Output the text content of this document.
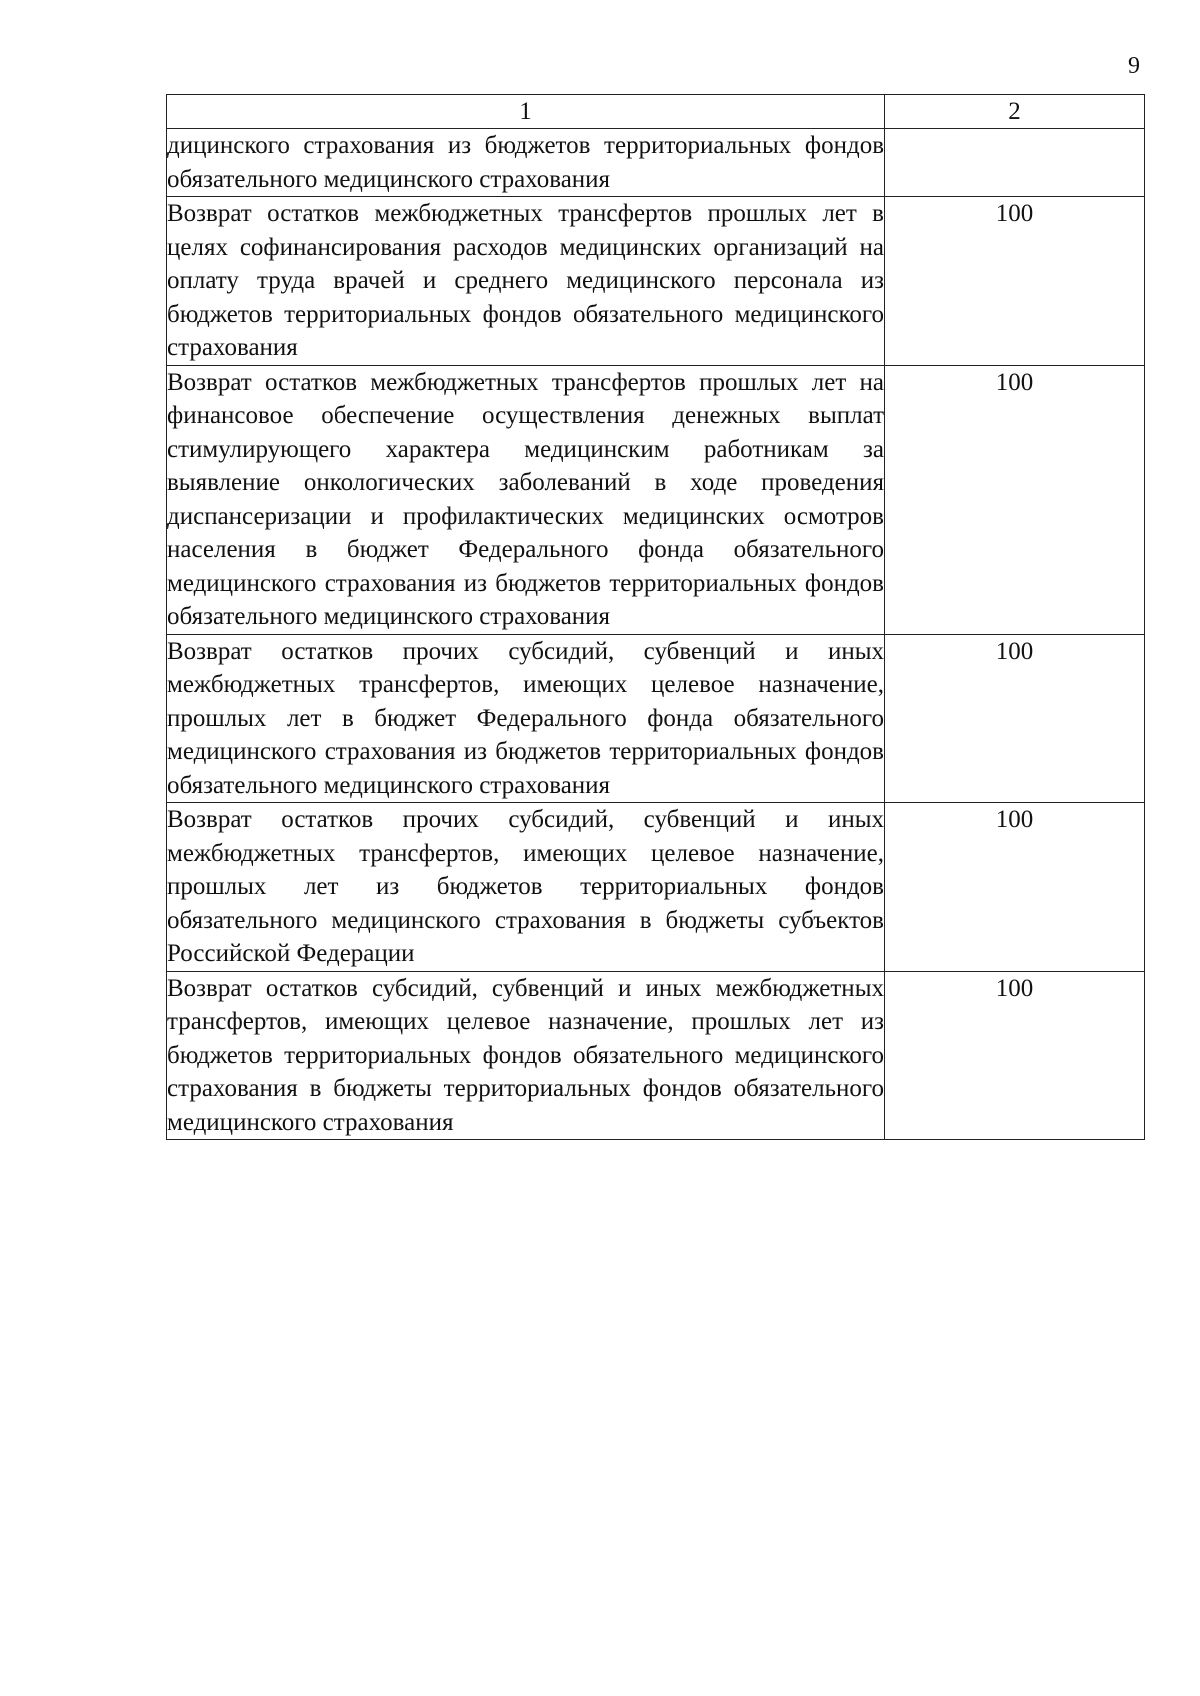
9
1	2
дицинского страхования из бюджетов территориальных фондов обязательного медицинского страхования	
Возврат остатков межбюджетных трансфертов прошлых лет в целях софинансирования расходов медицинских организаций на оплату труда врачей и среднего медицинского персонала из бюджетов территориальных фондов обязательного медицинского страхования	100
Возврат остатков межбюджетных трансфертов прошлых лет на финансовое обеспечение осуществления денежных выплат стимулирующего характера медицинским работникам за выявление онкологических заболеваний в ходе проведения диспансеризации и профилактических медицинских осмотров населения в бюджет Федерального фонда обязательного медицинского страхования из бюджетов территориальных фондов обязательного медицинского страхования	100
Возврат остатков прочих субсидий, субвенций и иных межбюджетных трансфертов, имеющих целевое назначение, прошлых лет в бюджет Федерального фонда обязательного медицинского страхования из бюджетов территориальных фондов обязательного медицинского страхования	100
Возврат остатков прочих субсидий, субвенций и иных межбюджетных трансфертов, имеющих целевое назначение, прошлых лет из бюджетов территориальных фондов обязательного медицинского страхования в бюджеты субъектов Российской Федерации	100
Возврат остатков субсидий, субвенций и иных межбюджетных трансфертов, имеющих целевое назначение, прошлых лет из бюджетов территориальных фондов обязательного медицинского страхования в бюджеты территориальных фондов обязательного медицинского страхования	100
